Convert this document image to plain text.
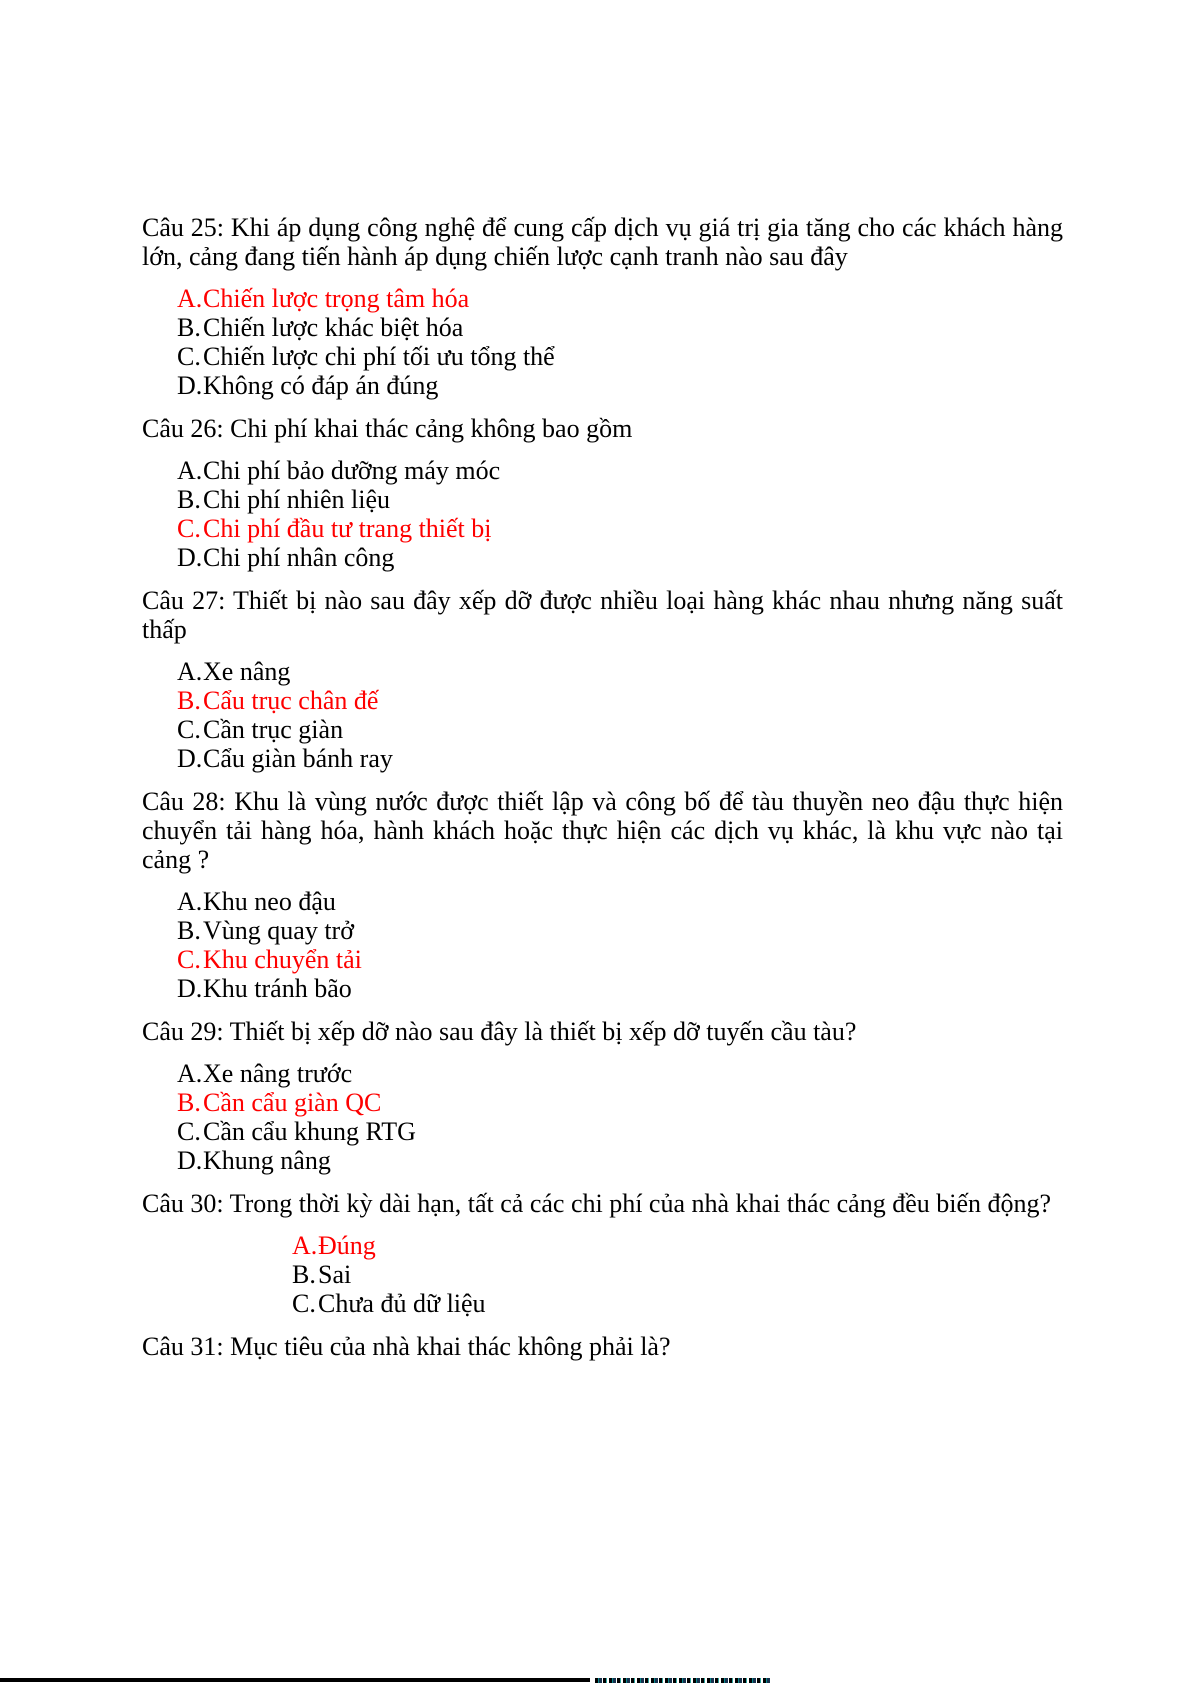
Câu 25: Khi áp dụng công nghệ để cung cấp dịch vụ giá trị gia tăng cho các khách hàng lớn, cảng đang tiến hành áp dụng chiến lược cạnh tranh nào sau đây

A. Chiến lược trọng tâm hóa
B. Chiến lược khác biệt hóa
C. Chiến lược chi phí tối ưu tổng thể
D. Không có đáp án đúng

Câu 26: Chi phí khai thác cảng không bao gồm

A. Chi phí bảo dưỡng máy móc
B. Chi phí nhiên liệu
C. Chi phí đầu tư trang thiết bị
D. Chi phí nhân công

Câu 27: Thiết bị nào sau đây xếp dỡ được nhiều loại hàng khác nhau nhưng năng suất thấp

A. Xe nâng
B. Cẩu trục chân đế
C. Cần trục giàn
D. Cẩu giàn bánh ray

Câu 28: Khu là vùng nước được thiết lập và công bố để tàu thuyền neo đậu thực hiện chuyển tải hàng hóa, hành khách hoặc thực hiện các dịch vụ khác, là khu vực nào tại cảng ?

A. Khu neo đậu
B. Vùng quay trở
C. Khu chuyển tải
D. Khu tránh bão

Câu 29: Thiết bị xếp dỡ nào sau đây là thiết bị xếp dỡ tuyến cầu tàu?

A. Xe nâng trước
B. Cần cẩu giàn QC
C. Cần cẩu khung RTG
D. Khung nâng

Câu 30: Trong thời kỳ dài hạn, tất cả các chi phí của nhà khai thác cảng đều biến động?

A. Đúng
B. Sai
C. Chưa đủ dữ liệu

Câu 31: Mục tiêu của nhà khai thác không phải là?
